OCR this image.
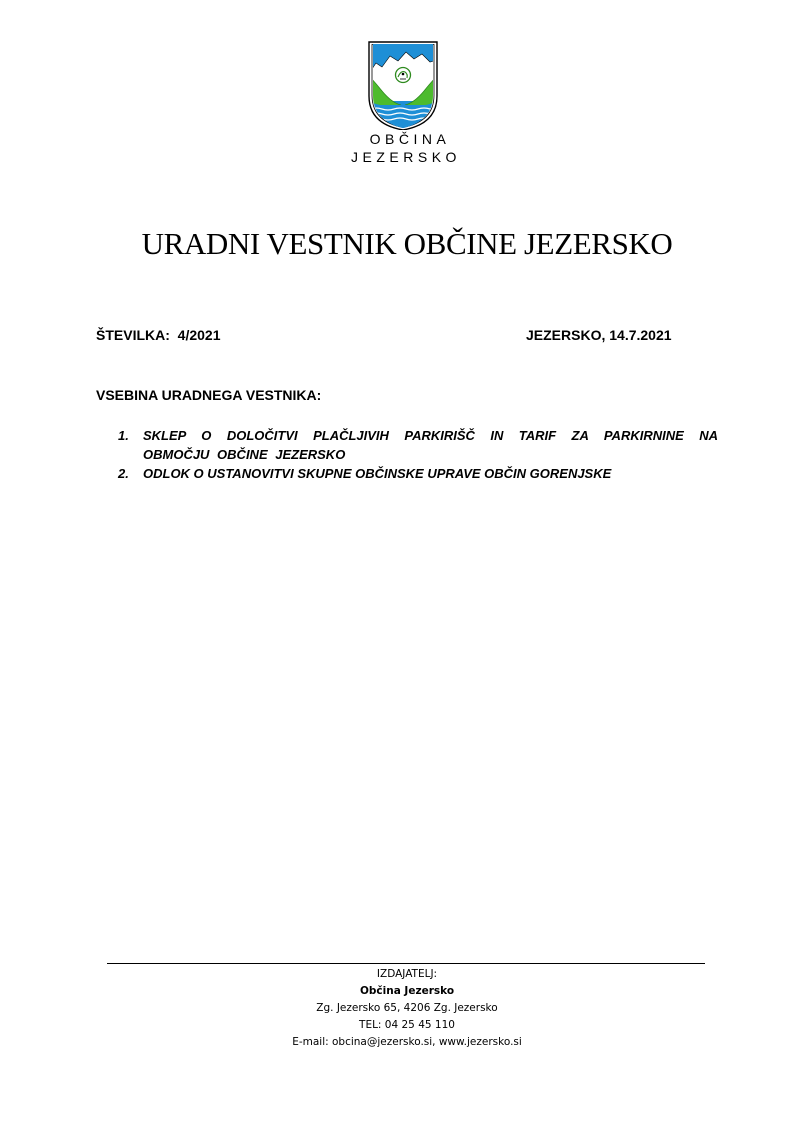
OBČINA
JEZERSKO
URADNI VESTNIK OBČINE JEZERSKO
ŠTEVILKA:  4/2021	JEZERSKO, 14.7.2021
VSEBINA URADNEGA VESTNIKA:
1. SKLEP O DOLOČITVI PLAČLJIVIH PARKIRIŠČ IN TARIF ZA PARKIRNINE NA OBMOČJU OBČINE JEZERSKO
2. ODLOK O USTANOVITVI SKUPNE OBČINSKE UPRAVE OBČIN GORENJSKE
IZDAJATELJ:
Občina Jezersko
Zg. Jezersko 65, 4206 Zg. Jezersko
TEL: 04 25 45 110
E-mail: obcina@jezersko.si, www.jezersko.si
